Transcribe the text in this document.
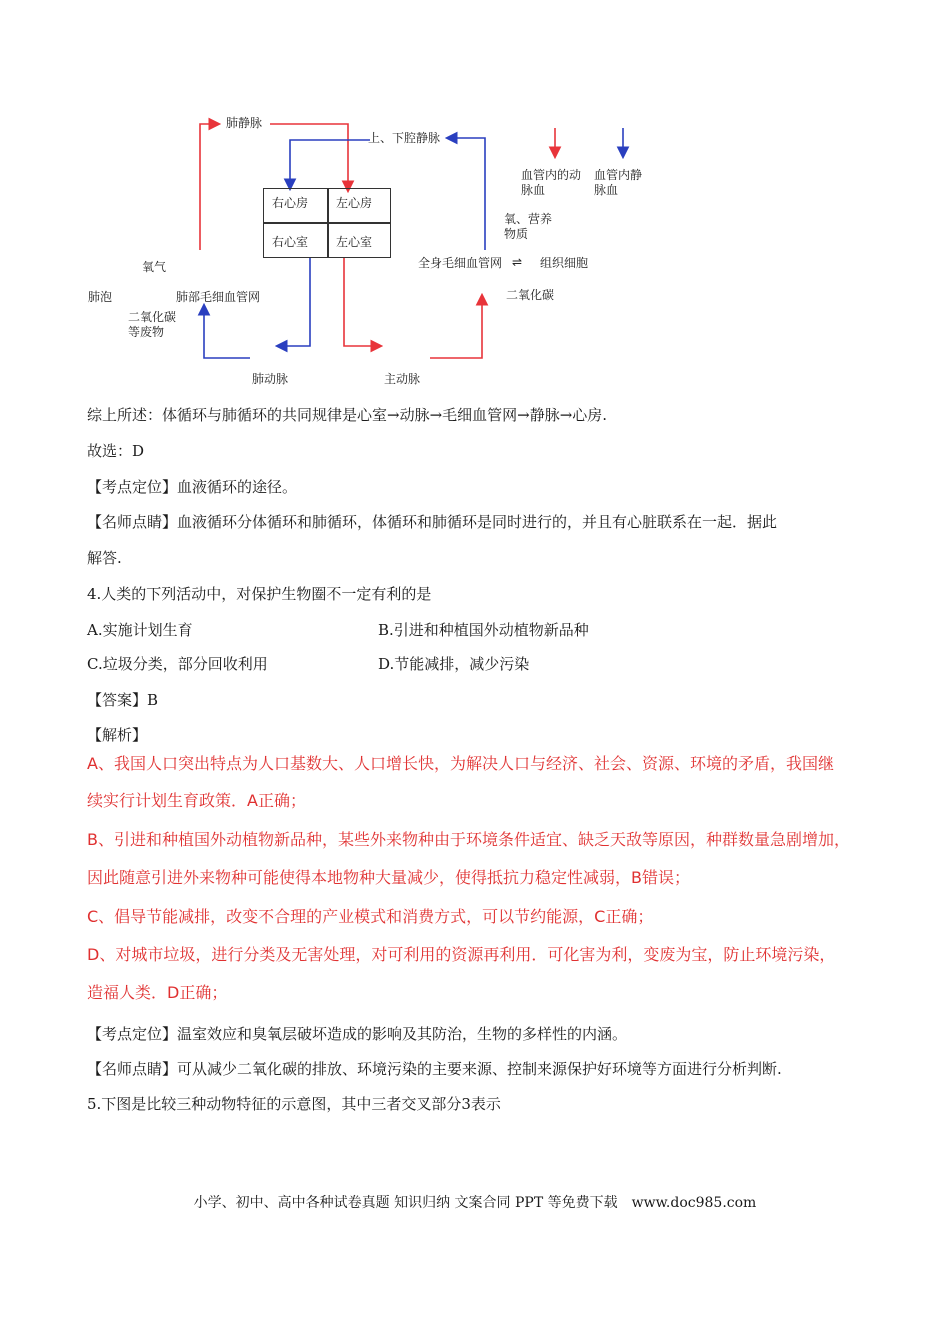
肺静脉
上、下腔静脉
血管内的动脉血
血管内静脉血
右心房 左心房
右心室 左心室
氧、营养物质
全身毛细血管网 ⇌ 组织细胞
氧气
肺泡	肺部毛细血管网
二氧化碳等废物
二氧化碳
肺动脉	主动脉
综上所述：体循环与肺循环的共同规律是心室→动脉→毛细血管网→静脉→心房.
故选：D
【考点定位】血液循环的途径。
【名师点睛】血液循环分体循环和肺循环，体循环和肺循环是同时进行的，并且有心脏联系在一起．据此
解答.
4.人类的下列活动中，对保护生物圈不一定有利的是
A.实施计划生育	B.引进和种植国外动植物新品种
C.垃圾分类，部分回收利用	D.节能减排，减少污染
【答案】B
【解析】
A、我国人口突出特点为人口基数大、人口增长快，为解决人口与经济、社会、资源、环境的矛盾，我国继
续实行计划生育政策．A正确；
B、引进和种植国外动植物新品种，某些外来物种由于环境条件适宜、缺乏天敌等原因，种群数量急剧增加，
因此随意引进外来物种可能使得本地物种大量减少，使得抵抗力稳定性减弱，B错误；
C、倡导节能减排，改变不合理的产业模式和消费方式，可以节约能源，C正确；
D、对城市垃圾，进行分类及无害处理，对可利用的资源再利用．可化害为利，变废为宝，防止环境污染，
造福人类．D正确；
【考点定位】温室效应和臭氧层破坏造成的影响及其防治，生物的多样性的内涵。
【名师点睛】可从减少二氧化碳的排放、环境污染的主要来源、控制来源保护好环境等方面进行分析判断.
5.下图是比较三种动物特征的示意图，其中三者交叉部分3表示
小学、初中、高中各种试卷真题 知识归纳 文案合同 PPT 等免费下载　www.doc985.com
